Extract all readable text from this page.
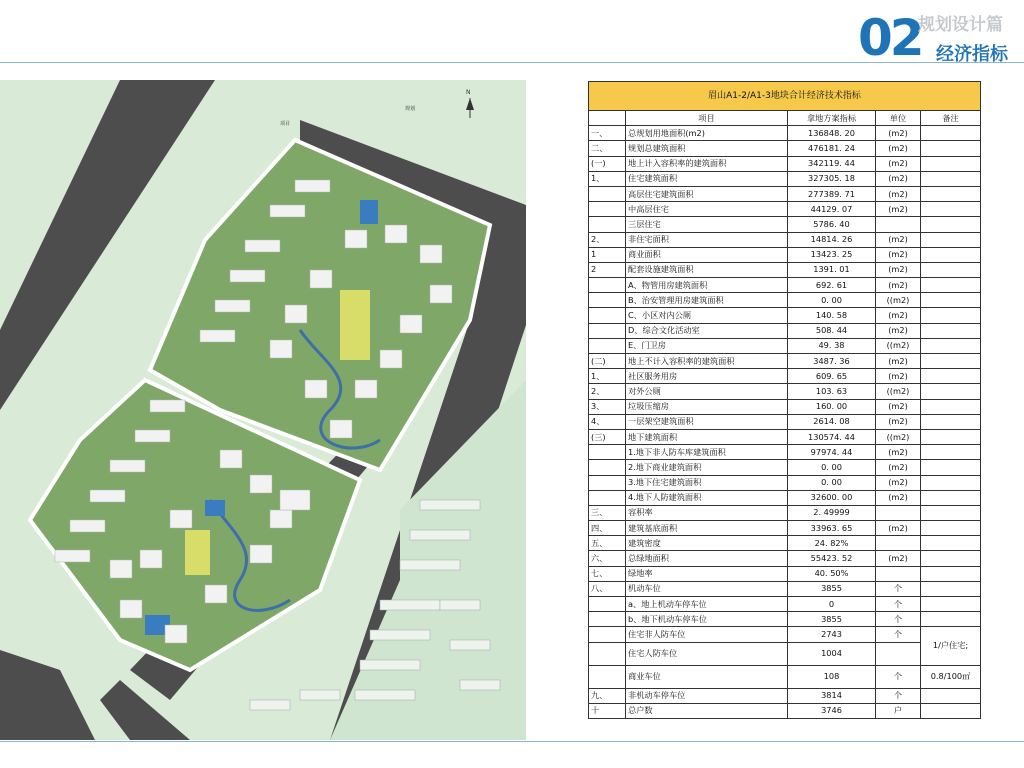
02
规划设计篇
经济指标
N
项目
规划
眉山A1-2/A1-3地块合计经济技术指标				
	项目	拿地方案指标	单位	备注
一、	总规划用地面积(m2)	136848. 20	(m2)	
二、	规划总建筑面积	476181. 24	(m2)	
(一)	地上计入容积率的建筑面积	342119. 44	(m2)	
1、	住宅建筑面积	327305. 18	(m2)	
	高层住宅建筑面积	277389. 71	(m2)	
	中高层住宅	44129. 07	(m2)	
	三层住宅	5786. 40		
2、	非住宅面积	14814. 26	(m2)	
1	商业面积	13423. 25	(m2)	
2	配套设施建筑面积	1391. 01	(m2)	
	A、物管用房建筑面积	692. 61	(m2)	
	B、治安管理用房建筑面积	0. 00	((m2)	
	C、小区对内公厕	140. 58	(m2)	
	D、综合文化活动室	508. 44	(m2)	
	E、门卫房	49. 38	((m2)	
(二)	地上不计入容积率的建筑面积	3487. 36	(m2)	
1、	社区服务用房	609. 65	(m2)	
2、	对外公厕	103. 63	((m2)	
3、	垃圾压缩房	160. 00	(m2)	
4、	一层架空建筑面积	2614. 08	(m2)	
(三)	地下建筑面积	130574. 44	((m2)	
	1.地下非人防车库建筑面积	97974. 44	(m2)	
	2.地下商业建筑面积	0. 00	(m2)	
	3.地下住宅建筑面积	0. 00	(m2)	
	4.地下人防建筑面积	32600. 00	(m2)	
三、	容积率	2. 49999		
四、	建筑基底面积	33963. 65	(m2)	
五、	建筑密度	24. 82%		
六、	总绿地面积	55423. 52	(m2)	
七、	绿地率	40. 50%		
八、	机动车位	3855	个	
	a、地上机动车停车位	0	个	
	b、地下机动车停车位	3855	个	
	住宅非人防车位	2743	个	1/户住宅;
	住宅人防车位	1004		
	商业车位	108	个	0.8/100㎡
九、	非机动车停车位	3814	个	
十	总户数	3746	户	
